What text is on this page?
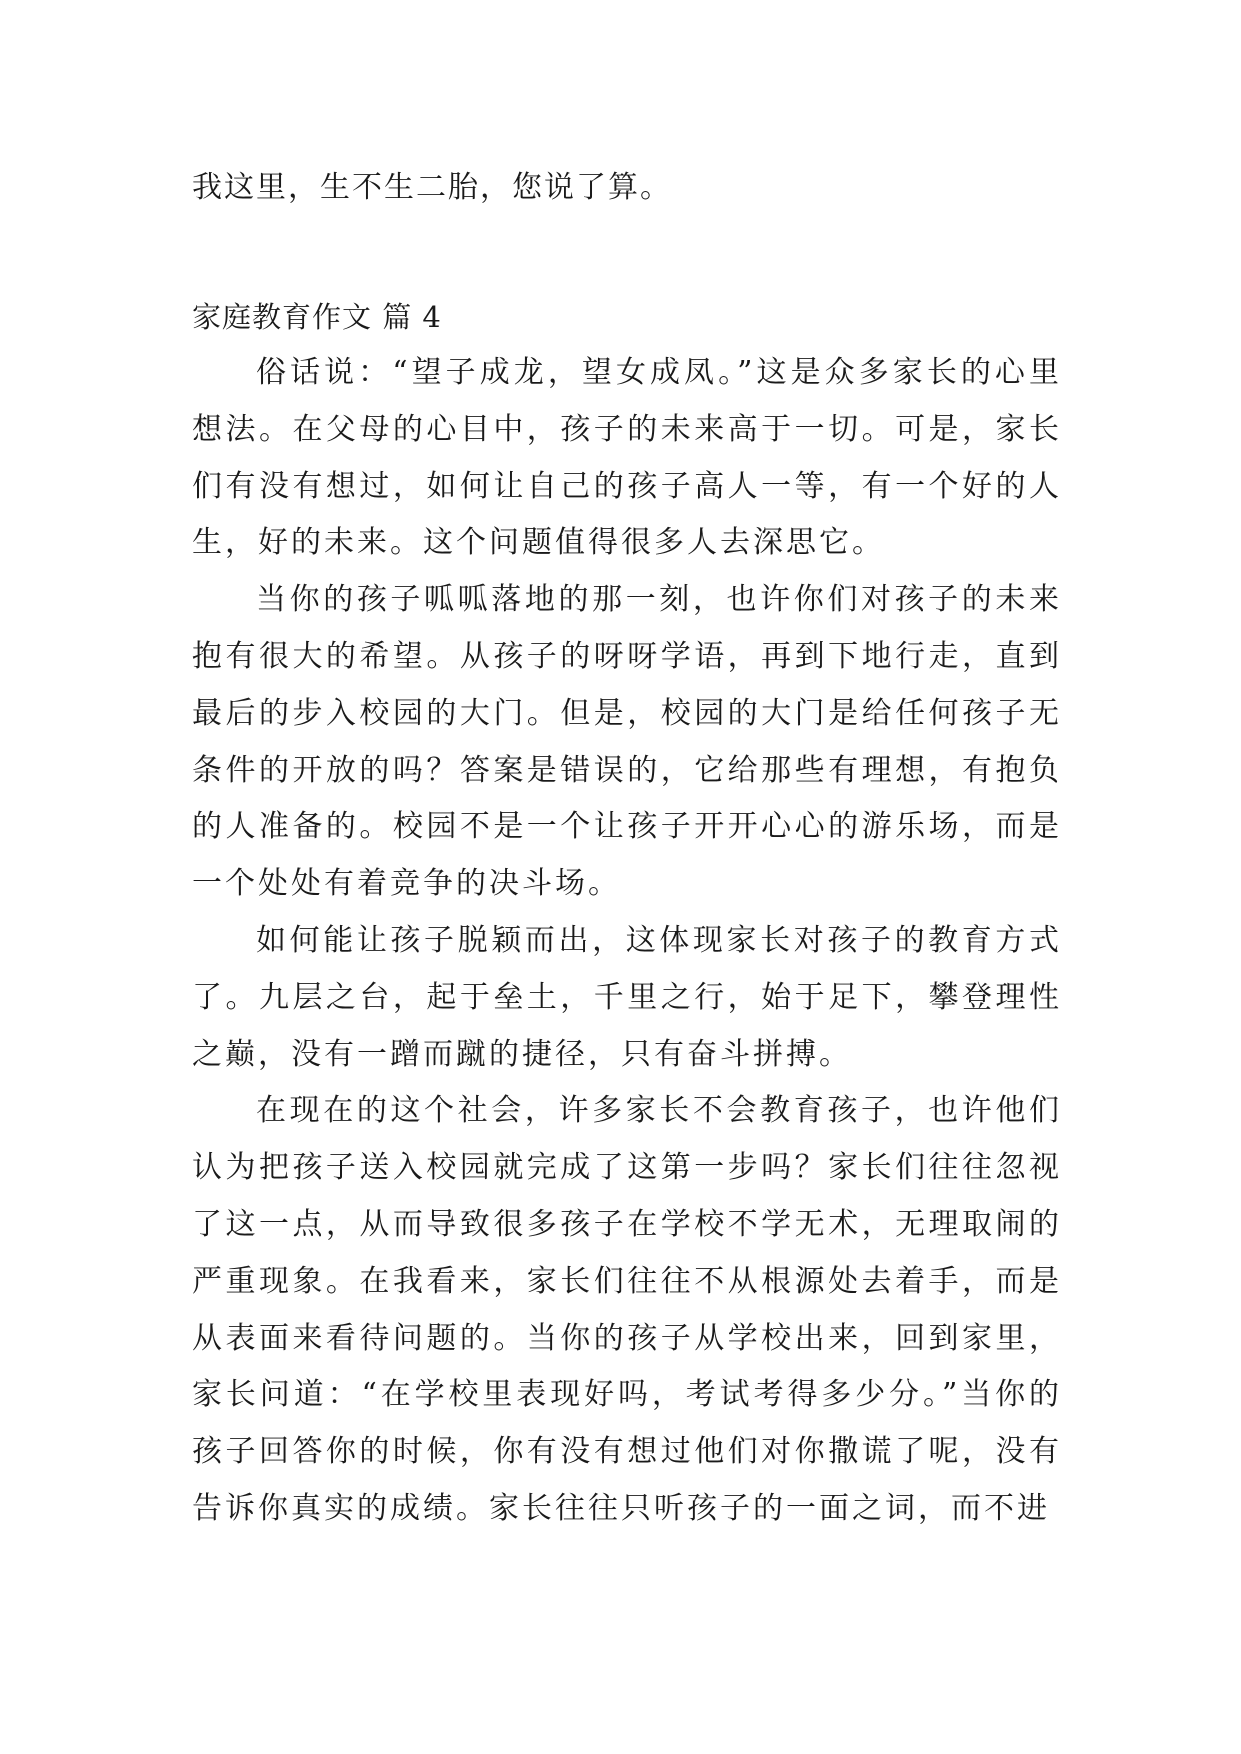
我这里，生不生二胎，您说了算。

家庭教育作文 篇 4

俗话说：“望子成龙，望女成凤。”这是众多家长的心里想法。在父母的心目中，孩子的未来高于一切。可是，家长们有没有想过，如何让自己的孩子高人一等，有一个好的人生，好的未来。这个问题值得很多人去深思它。

当你的孩子呱呱落地的那一刻，也许你们对孩子的未来抱有很大的希望。从孩子的呀呀学语，再到下地行走，直到最后的步入校园的大门。但是，校园的大门是给任何孩子无条件的开放的吗？答案是错误的，它给那些有理想，有抱负的人准备的。校园不是一个让孩子开开心心的游乐场，而是一个处处有着竞争的决斗场。

如何能让孩子脱颖而出，这体现家长对孩子的教育方式了。九层之台，起于垒土，千里之行，始于足下，攀登理性之巅，没有一蹭而蹴的捷径，只有奋斗拼搏。

在现在的这个社会，许多家长不会教育孩子，也许他们认为把孩子送入校园就完成了这第一步吗？家长们往往忽视了这一点，从而导致很多孩子在学校不学无术，无理取闹的严重现象。在我看来，家长们往往不从根源处去着手，而是从表面来看待问题的。当你的孩子从学校出来，回到家里，家长问道：“在学校里表现好吗，考试考得多少分。”当你的孩子回答你的时候，你有没有想过他们对你撒谎了呢，没有告诉你真实的成绩。家长往往只听孩子的一面之词，而不进
